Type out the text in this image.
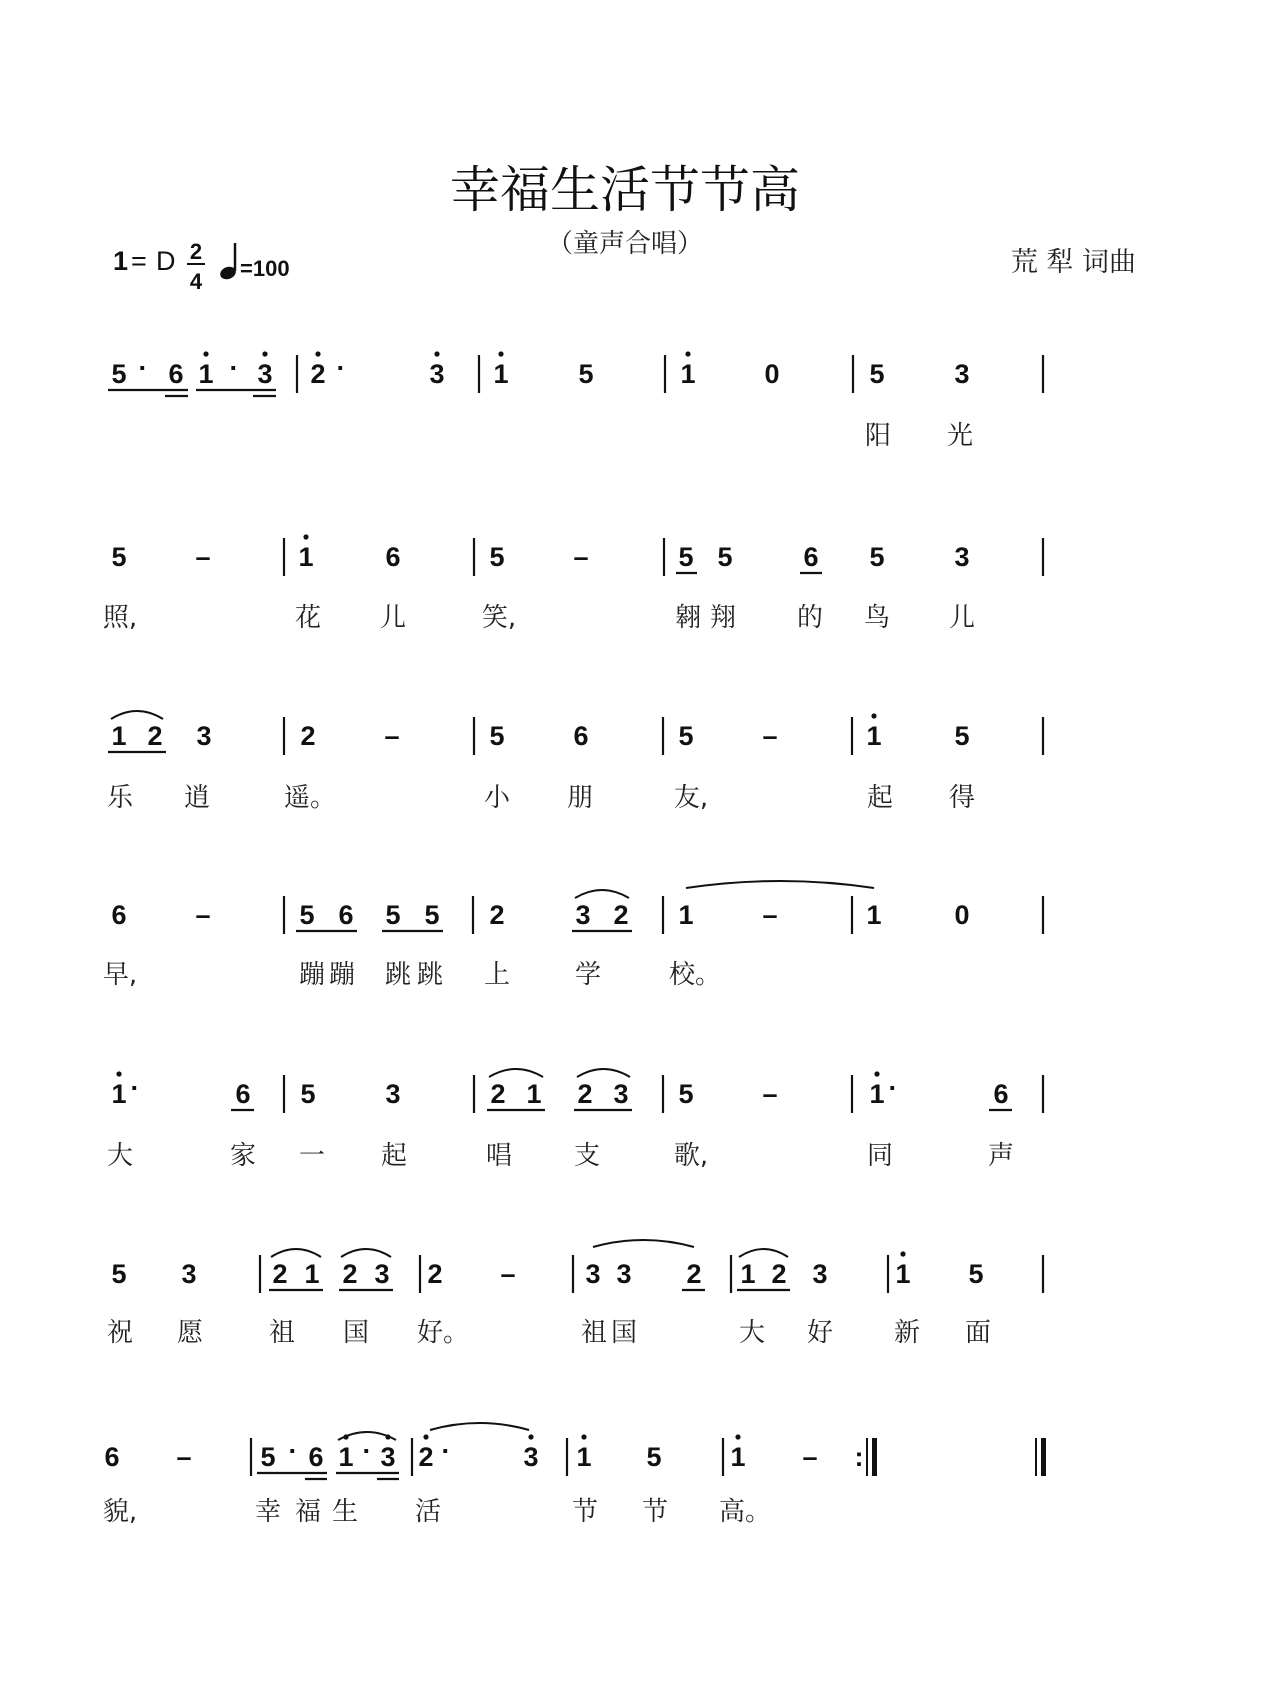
幸福生活节节高
（童声合唱）
1 = D 2
4
=100	荒 犁 词曲
5 · 6 1 · 3 2 ·	3 1	5	1	0	5	3
阳 光
5	–	1	6	5	–	5 5	6 5	3
照,	花 儿	笑,	翱 翔 的 鸟 儿
1 2 3	2	–	5	6	5	–	1	5
乐 逍	遥。	小 朋	友,	起 得
6	–	5 6 5 5 2	3 2 1	–	1	0
早,	蹦 蹦 跳 跳 上 学	校。
1 ·	6 5	3	2 1 2 3 5	–	1 ·	6
大	家 一 起	唱 支	歌,	同	声
5 3	2 1 2 3 2 –	3 3 2 1 2 3	1 5
祝 愿	祖 国 好。	祖 国	大 好 新 面
6 –	5 · 6 1 · 3 2 ·	3 1 5	1 – :
貌,	幸 福 生 活	节 节 高。
